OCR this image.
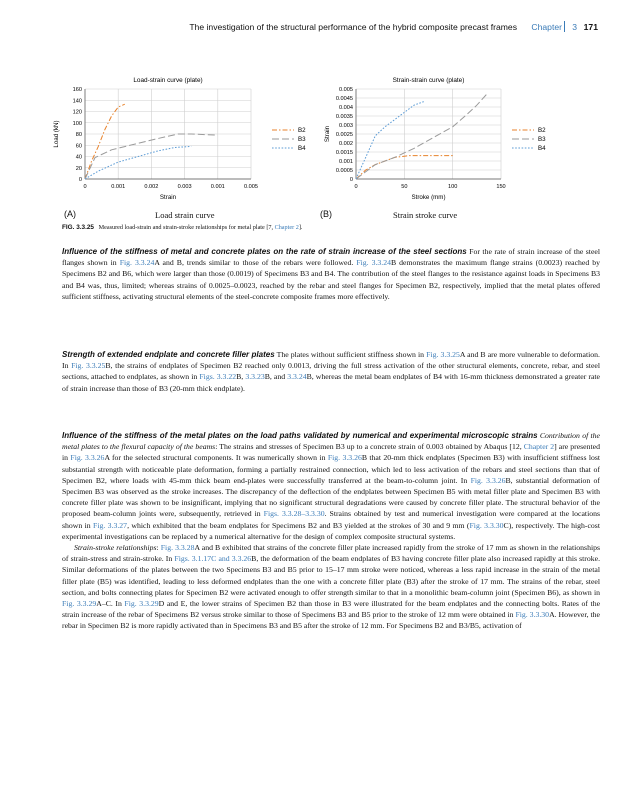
The investigation of the structural performance of the hybrid composite precast frames Chapter 3 171
Load-strain curve (plate)
0
20
40
60
80
100
120
140
160
0	0.001	0.002	0.003	0.001	0.005
Strain
Load (kN)	B2
B3
B4
Strain-strain curve (plate)
0
0.0005
0.001
0.0015
0.002
0.0025
0.003
0.0035
0.004
0.0045
0.005
0	50	100	150
Stroke (mm)
Strain	B2
B3
B4
(A)	Load strain curve	(B)	Strain stroke curve
FIG. 3.3.25 Measured load-strain and strain-stroke relationships for metal plate [7, Chapter 2].

Influence of the stiffness of metal and concrete plates on the rate of strain increase of the steel sections For the rate of strain increase of the steel flanges shown in Fig. 3.3.24A and B, trends similar to those of the rebars were followed. Fig. 3.3.24B demonstrates the maximum flange strains (0.0023) reached by Specimens B2 and B6, which were larger than those (0.0019) of Specimens B3 and B4. The contribution of the steel flanges to the resistance against loads in Specimens B3 and B4 was, thus, limited; whereas strains of 0.0025–0.0023, reached by the rebar and steel flanges for Specimen B2, respectively, implied that the metal plates offered sufficient stiffness, activating structural elements of the steel-concrete composite frames more effectively.

Strength of extended endplate and concrete filler plates The plates without sufficient stiffness shown in Fig. 3.3.25A and B are more vulnerable to deformation. In Fig. 3.3.25B, the strains of endplates of Specimen B2 reached only 0.0013, driving the full stress activation of the other structural elements, concrete, rebar, and steel sections, attached to endplates, as shown in Figs. 3.3.22B, 3.3.23B, and 3.3.24B, whereas the metal beam endplates of B4 with 16-mm thickness demonstrated a greater rate of strain increase than those of B3 (20-mm thick endplate).

Influence of the stiffness of the metal plates on the load paths validated by numerical and experimental microscopic strains Contribution of the metal plates to the flexural capacity of the beams: The strains and stresses of Specimen B3 up to a concrete strain of 0.003 obtained by Abaqus [12, Chapter 2] are presented in Fig. 3.3.26A for the selected structural components. It was numerically shown in Fig. 3.3.26B that 20-mm thick endplates (Specimen B3) with insufficient stiffness lost substantial strength with noticeable plate deformation, forming a partially restrained connection, which led to less activation of the rebars and steel sections than that of Specimen B2, where loads with 45-mm thick beam end-plates were successfully transferred at the beam-to-column joint. In Fig. 3.3.26B, substantial deformation of Specimen B3 was observed as the stroke increases. The discrepancy of the deflection of the endplates between Specimen B5 with metal filler plate and Specimen B3 with concrete filler plate was shown to be insignificant, implying that no significant structural degradations were caused by concrete filler plate. The structural behavior of the proposed beam-column joints were, subsequently, retrieved in Figs. 3.3.28–3.3.30. Strains obtained by test and numerical investigation were compared at the locations shown in Fig. 3.3.27, which exhibited that the beam endplates for Specimens B2 and B3 yielded at the strokes of 30 and 9 mm (Fig. 3.3.30C), respectively. The high-cost experimental investigations can be replaced by a numerical alternative for the design of complex composite structural systems.

Strain-stroke relationships: Fig. 3.3.28A and B exhibited that strains of the concrete filler plate increased rapidly from the stroke of 17 mm as shown in the relationships of strain-stress and strain-stroke. In Figs. 3.1.17C and 3.3.26B, the deformation of the beam endplates of B3 having concrete filler plate also increased rapidly at this stroke. Similar deformations of the plates between the two Specimens B3 and B5 prior to 15–17 mm stroke were noticed, whereas a less rapid increase in the strain of the metal filler plate (B5) was identified, leading to less deformed endplates than the one with a concrete filler plate (B3) after the stroke of 17 mm. The strains of the rebar, steel section, and bolts connecting plates for Specimen B2 were activated enough to offer strength similar to that in a monolithic beam-column joint (Specimen B6), as shown in Fig. 3.3.29A–C. In Fig. 3.3.29D and E, the lower strains of Specimen B2 than those in B3 were illustrated for the beam endplates and the connecting bolts. Rates of the strain increase of the rebar of Specimens B2 versus stroke similar to those of Specimens B3 and B5 prior to the stroke of 12 mm were obtained in Fig. 3.3.30A. However, the rebar in Specimen B2 is more rapidly activated than in Specimens B3 and B5 after the stroke of 12 mm. For Specimens B2 and B3/B5, activation of
